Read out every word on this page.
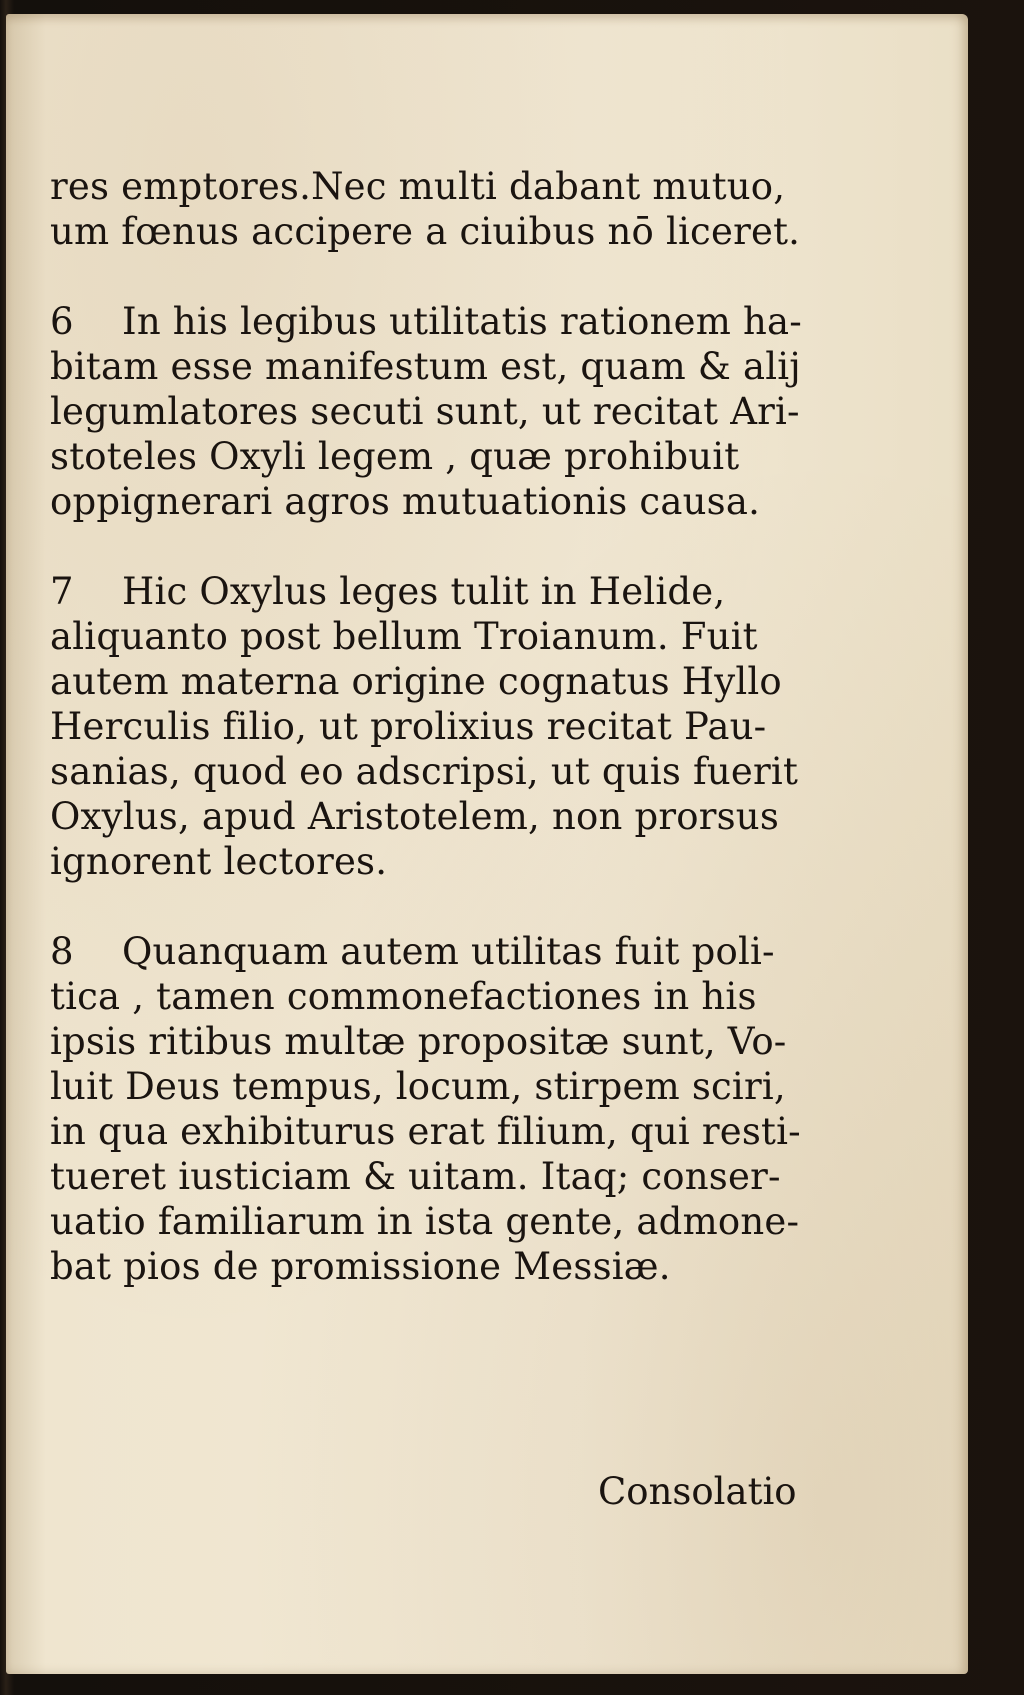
res emptores.Nec multi dabant mutuo,
um fœnus accipere a ciuibus nō liceret.
6 In his legibus utilitatis rationem ha-
bitam esse manifestum est, quam & alij
legumlatores secuti sunt, ut recitat Ari-
stoteles Oxyli legem , quæ prohibuit
oppignerari agros mutuationis causa.
7 Hic Oxylus leges tulit in Helide,
aliquanto post bellum Troianum. Fuit
autem materna origine cognatus Hyllo
Herculis filio, ut prolixius recitat Pau-
sanias, quod eo adscripsi, ut quis fuerit
Oxylus, apud Aristotelem, non prorsus
ignorent lectores.
8 Quanquam autem utilitas fuit poli-
tica , tamen commonefactiones in his
ipsis ritibus multæ propositæ sunt, Vo-
luit Deus tempus, locum, stirpem sciri,
in qua exhibiturus erat filium, qui resti-
tueret iusticiam & uitam. Itaq; conser-
uatio familiarum in ista gente, admone-
bat pios de promissione Messiæ.
Consolatio
